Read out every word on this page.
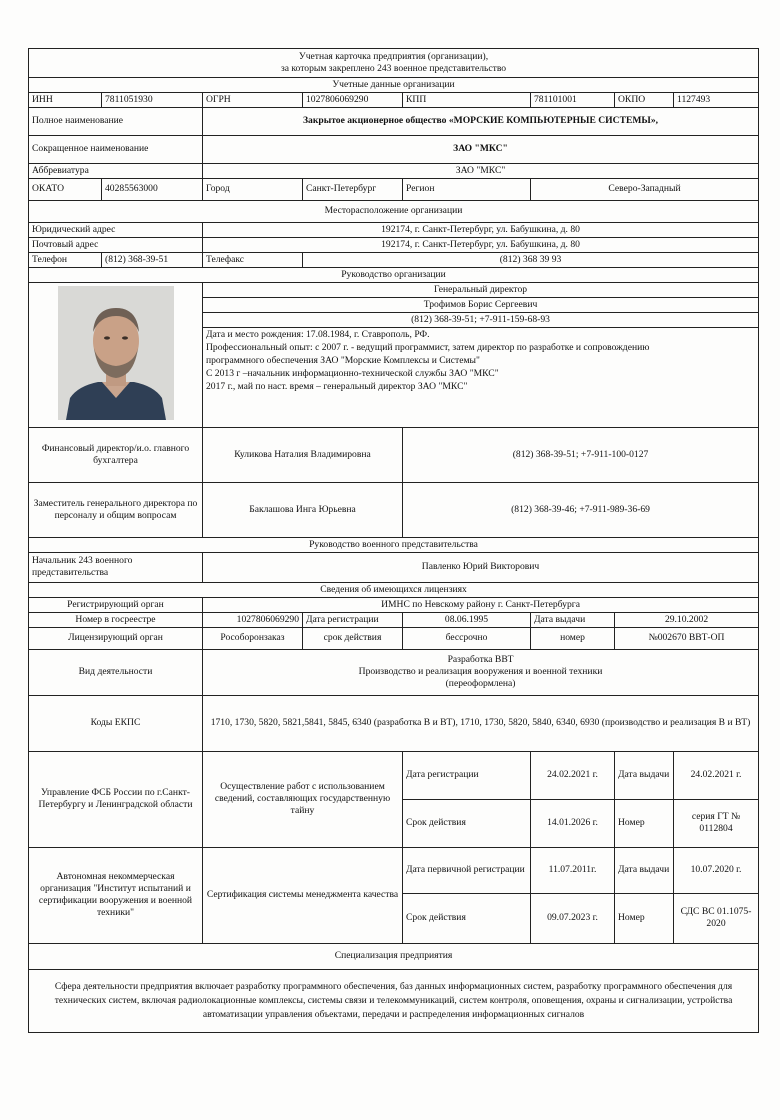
Учетная карточка предприятия (организации),
за которым закреплено 243 военное представительство							

Учетные данные организации							
ИНН	7811051930	ОГРН	1027806069290	КПП	781101001	ОКПО	1127493
Полное наименование		Закрытое акционерное общество «МОРСКИЕ КОМПЬЮТЕРНЫЕ СИСТЕМЫ»,					
Сокращенное наименование		ЗАО "МКС"					
Аббревиатура		ЗАО "МКС"					
ОКАТО	40285563000	Город	Санкт-Петербург	Регион	Северо-Западный		
Месторасположение организации							
Юридический адрес		192174, г. Санкт-Петербург, ул. Бабушкина, д. 80					
Почтовый адрес		192174, г. Санкт-Петербург, ул. Бабушкина, д. 80					
Телефон	(812) 368-39-51	Телефакс	(812) 368 39 93				
Руководство организации							
	Генеральный директор					
		Трофимов Борис Сергеевич					
		(812) 368-39-51; +7-911-159-68-93					

		Дата и место рождения: 17.08.1984, г. Ставрополь, РФ.
Профессиональный опыт: с 2007 г. - ведущий программист, затем директор по разработке и сопровождению
программного обеспечения ЗАО "Морские Комплексы и Системы"
С 2013 г –начальник информационно-технической службы ЗАО "МКС"
2017 г., май по наст. время – генеральный директор ЗАО "МКС"					

Финансовый директор/и.о. главного бухгалтера		Куликова Наталия Владимировна		(812) 368-39-51; +7-911-100-0127			
Заместитель генерального директора по персоналу и общим вопросам		Баклашова Инга Юрьевна		(812) 368-39-46; +7-911-989-36-69			
Руководство военного представительства							
Начальник 243 военного представительства		Павленко Юрий Викторович					
Сведения об имеющихся лицензиях							
Регистрирующий орган		ИМНС по Невскому району г. Санкт-Петербурга					
Номер в госреестре		1027806069290	Дата регистрации	08.06.1995	Дата выдачи	29.10.2002	
Лицензирующий орган		Рособоронзаказ	срок действия	бессрочно	номер	№002670 ВВТ-ОП	
Вид деятельности		Разработка ВВТ
Производство и реализация вооружения и военной техники
(переоформлена)					

Коды ЕКПС		1710, 1730, 5820, 5821,5841, 5845, 6340 (разработка В и ВТ), 1710, 1730, 5820, 5840, 6340, 6930 (производство и реализация В и ВТ)					
Управление ФСБ России по г.Санкт-Петербургу и Ленинградской области		Осуществление работ с использованием сведений, составляющих государственную тайну		Дата регистрации	24.02.2021 г.	Дата выдачи	24.02.2021 г.
				Срок действия	14.01.2026 г.	Номер	серия ГТ № 0112804
Автономная некоммерческая организация "Институт испытаний и сертификации вооружения и военной техники"		Сертификация системы менеджмента качества		Дата первичной регистрации	11.07.2011г.	Дата выдачи	10.07.2020 г.
				Срок действия	09.07.2023 г.	Номер	СДС ВС 01.1075-2020
Специализация предприятия							
Сфера деятельности предприятия включает разработку программного обеспечения, баз данных информационных систем, разработку программного обеспечения для технических систем, включая радиолокационные комплексы, системы связи и телекоммуникаций, систем контроля, оповещения, охраны и сигнализации, устройства автоматизации управления объектами, передачи и распределения информационных сигналов							
